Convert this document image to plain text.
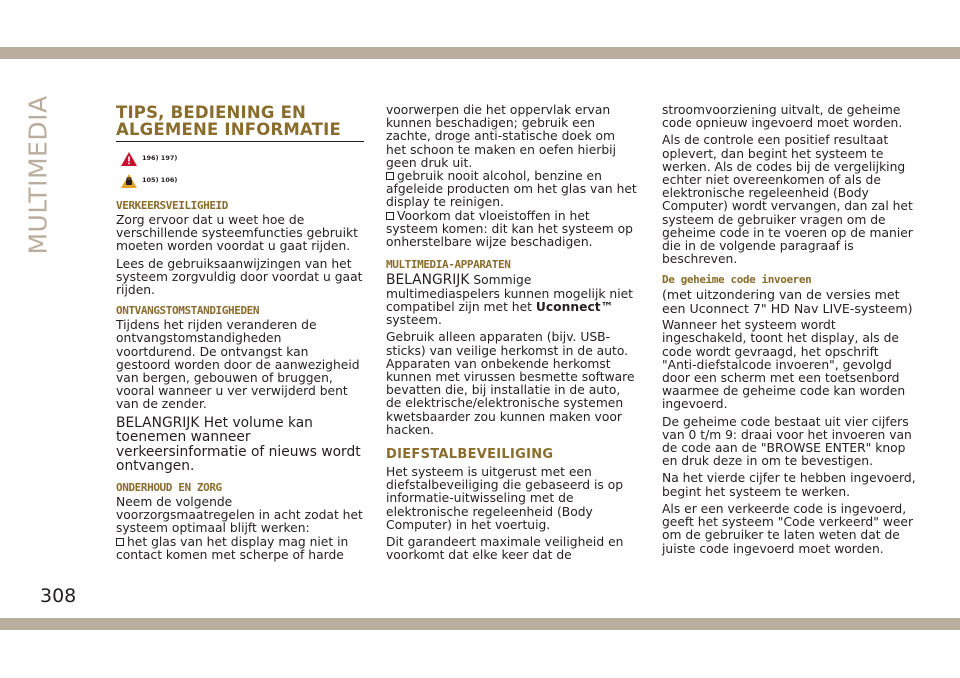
MULTIMEDIA
308
TIPS, BEDIENING EN
ALGEMENE INFORMATIE
196) 197)
105) 106)
VERKEERSVEILIGHEID

Zorg ervoor dat u weet hoe de verschillende systeemfuncties gebruikt moeten worden voordat u gaat rijden.

Lees de gebruiksaanwijzingen van het systeem zorgvuldig door voordat u gaat rijden.

ONTVANGSTOMSTANDIGHEDEN

Tijdens het rijden veranderen de ontvangstomstandigheden voortdurend. De ontvangst kan gestoord worden door de aanwezigheid van bergen, gebouwen of bruggen, vooral wanneer u ver verwijderd bent van de zender.

BELANGRIJK Het volume kan toenemen wanneer verkeersinformatie of nieuws wordt ontvangen.

ONDERHOUD EN ZORG

Neem de volgende voorzorgsmaatregelen in acht zodat het systeem optimaal blijft werken:

het glas van het display mag niet in contact komen met scherpe of harde

voorwerpen die het oppervlak ervan kunnen beschadigen; gebruik een zachte, droge anti-statische doek om het schoon te maken en oefen hierbij geen druk uit.

gebruik nooit alcohol, benzine en afgeleide producten om het glas van het display te reinigen.

Voorkom dat vloeistoffen in het systeem komen: dit kan het systeem op onherstelbare wijze beschadigen.

MULTIMEDIA-APPARATEN

BELANGRIJK Sommige multimediaspelers kunnen mogelijk niet compatibel zijn met het Uconnect™ systeem.

Gebruik alleen apparaten (bijv. USB-sticks) van veilige herkomst in de auto. Apparaten van onbekende herkomst kunnen met virussen besmette software bevatten die, bij installatie in de auto, de elektrische/elektronische systemen kwetsbaarder zou kunnen maken voor hacken.

DIEFSTALBEVEILIGING

Het systeem is uitgerust met een diefstalbeveiliging die gebaseerd is op informatie-uitwisseling met de elektronische regeleenheid (Body Computer) in het voertuig.

Dit garandeert maximale veiligheid en voorkomt dat elke keer dat de

stroomvoorziening uitvalt, de geheime code opnieuw ingevoerd moet worden.

Als de controle een positief resultaat oplevert, dan begint het systeem te werken. Als de codes bij de vergelijking echter niet overeenkomen of als de elektronische regeleenheid (Body Computer) wordt vervangen, dan zal het systeem de gebruiker vragen om de geheime code in te voeren op de manier die in de volgende paragraaf is beschreven.

De geheime code invoeren

(met uitzondering van de versies met een Uconnect 7" HD Nav LIVE-systeem)

Wanneer het systeem wordt ingeschakeld, toont het display, als de code wordt gevraagd, het opschrift "Anti-diefstalcode invoeren", gevolgd door een scherm met een toetsenbord waarmee de geheime code kan worden ingevoerd.

De geheime code bestaat uit vier cijfers van 0 t/m 9: draai voor het invoeren van de code aan de "BROWSE ENTER" knop en druk deze in om te bevestigen.

Na het vierde cijfer te hebben ingevoerd, begint het systeem te werken.

Als er een verkeerde code is ingevoerd, geeft het systeem "Code verkeerd" weer om de gebruiker te laten weten dat de juiste code ingevoerd moet worden.
